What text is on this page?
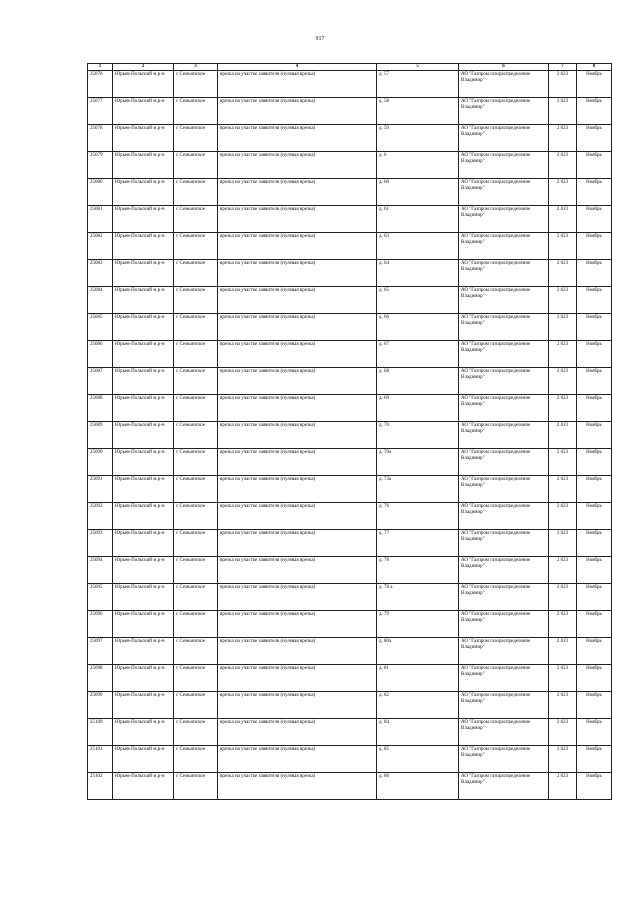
917
1	2	3	4	5	6	7	8
25076	Юрьев-Польский м.р-н	с Семьинское	врезка на участке заявителя (нулевая врезка)	д. 57	АО "Газпром газораспределение Владимир"	2 023	Ноябрь
25077	Юрьев-Польский м.р-н	с Семьинское	врезка на участке заявителя (нулевая врезка)	д. 58	АО "Газпром газораспределение Владимир"	2 023	Ноябрь
25078	Юрьев-Польский м.р-н	с Семьинское	врезка на участке заявителя (нулевая врезка)	д. 59	АО "Газпром газораспределение Владимир"	2 023	Ноябрь
25079	Юрьев-Польский м.р-н	с Семьинское	врезка на участке заявителя (нулевая врезка)	д. 6	АО "Газпром газораспределение Владимир"	2 023	Ноябрь
25080	Юрьев-Польский м.р-н	с Семьинское	врезка на участке заявителя (нулевая врезка)	д. 60	АО "Газпром газораспределение Владимир"	2 023	Ноябрь
25081	Юрьев-Польский м.р-н	с Семьинское	врезка на участке заявителя (нулевая врезка)	д. 61	АО "Газпром газораспределение Владимир"	2 023	Ноябрь
25082	Юрьев-Польский м.р-н	с Семьинское	врезка на участке заявителя (нулевая врезка)	д. 63	АО "Газпром газораспределение Владимир"	2 023	Ноябрь
25083	Юрьев-Польский м.р-н	с Семьинское	врезка на участке заявителя (нулевая врезка)	д. 64	АО "Газпром газораспределение Владимир"	2 023	Ноябрь
25084	Юрьев-Польский м.р-н	с Семьинское	врезка на участке заявителя (нулевая врезка)	д. 65	АО "Газпром газораспределение Владимир"	2 023	Ноябрь
25085	Юрьев-Польский м.р-н	с Семьинское	врезка на участке заявителя (нулевая врезка)	д. 66	АО "Газпром газораспределение Владимир"	2 023	Ноябрь
25086	Юрьев-Польский м.р-н	с Семьинское	врезка на участке заявителя (нулевая врезка)	д. 67	АО "Газпром газораспределение Владимир"	2 023	Ноябрь
25087	Юрьев-Польский м.р-н	с Семьинское	врезка на участке заявителя (нулевая врезка)	д. 68	АО "Газпром газораспределение Владимир"	2 023	Ноябрь
25088	Юрьев-Польский м.р-н	с Семьинское	врезка на участке заявителя (нулевая врезка)	д. 69	АО "Газпром газораспределение Владимир"	2 023	Ноябрь
25089	Юрьев-Польский м.р-н	с Семьинское	врезка на участке заявителя (нулевая врезка)	д. 70	АО "Газпром газораспределение Владимир"	2 023	Ноябрь
25090	Юрьев-Польский м.р-н	с Семьинское	врезка на участке заявителя (нулевая врезка)	д. 70а	АО "Газпром газораспределение Владимир"	2 023	Ноябрь
25091	Юрьев-Польский м.р-н	с Семьинское	врезка на участке заявителя (нулевая врезка)	д. 73а	АО "Газпром газораспределение Владимир"	2 023	Ноябрь
25092	Юрьев-Польский м.р-н	с Семьинское	врезка на участке заявителя (нулевая врезка)	д. 76	АО "Газпром газораспределение Владимир"	2 023	Ноябрь
25093	Юрьев-Польский м.р-н	с Семьинское	врезка на участке заявителя (нулевая врезка)	д. 77	АО "Газпром газораспределение Владимир"	2 023	Ноябрь
25094	Юрьев-Польский м.р-н	с Семьинское	врезка на участке заявителя (нулевая врезка)	д. 78	АО "Газпром газораспределение Владимир"	2 023	Ноябрь
25095	Юрьев-Польский м.р-н	с Семьинское	врезка на участке заявителя (нулевая врезка)	д. 78 а	АО "Газпром газораспределение Владимир"	2 023	Ноябрь
25096	Юрьев-Польский м.р-н	с Семьинское	врезка на участке заявителя (нулевая врезка)	д. 79	АО "Газпром газораспределение Владимир"	2 023	Ноябрь
25097	Юрьев-Польский м.р-н	с Семьинское	врезка на участке заявителя (нулевая врезка)	д. 80а	АО "Газпром газораспределение Владимир"	2 023	Ноябрь
25098	Юрьев-Польский м.р-н	с Семьинское	врезка на участке заявителя (нулевая врезка)	д. 81	АО "Газпром газораспределение Владимир"	2 023	Ноябрь
25099	Юрьев-Польский м.р-н	с Семьинское	врезка на участке заявителя (нулевая врезка)	д. 82	АО "Газпром газораспределение Владимир"	2 023	Ноябрь
25100	Юрьев-Польский м.р-н	с Семьинское	врезка на участке заявителя (нулевая врезка)	д. 84	АО "Газпром газораспределение Владимир"	2 023	Ноябрь
25101	Юрьев-Польский м.р-н	с Семьинское	врезка на участке заявителя (нулевая врезка)	д. 85	АО "Газпром газораспределение Владимир"	2 023	Ноябрь
25102	Юрьев-Польский м.р-н	с Семьинское	врезка на участке заявителя (нулевая врезка)	д. 86	АО "Газпром газораспределение Владимир"	2 023	Ноябрь
